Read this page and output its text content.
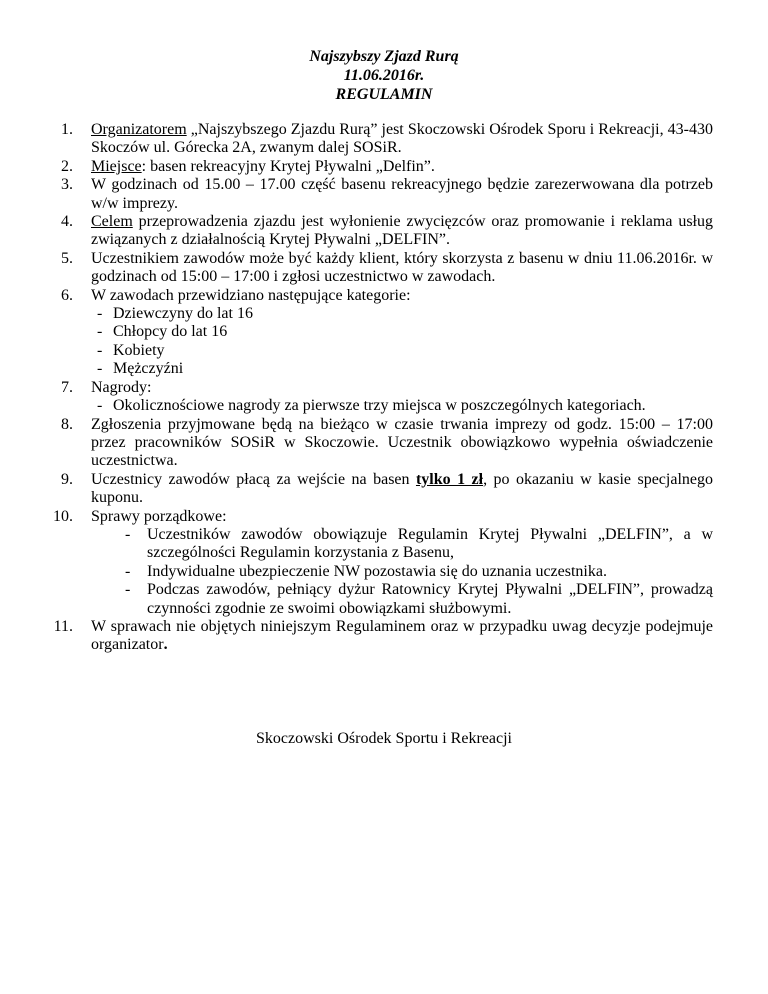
Najszybszy Zjazd Rurą
11.06.2016r.
REGULAMIN
1. Organizatorem „Najszybszego Zjazdu Rurą” jest Skoczowski Ośrodek Sporu i Rekreacji, 43-430 Skoczów ul. Górecka 2A, zwanym dalej SOSiR.
2. Miejsce: basen rekreacyjny Krytej Pływalni „Delfin”.
3. W godzinach od 15.00 – 17.00 część basenu rekreacyjnego będzie zarezerwowana dla potrzeb w/w imprezy.
4. Celem przeprowadzenia zjazdu jest wyłonienie zwycięzców oraz promowanie i reklama usług związanych z działalnością Krytej Pływalni „DELFIN”.
5. Uczestnikiem zawodów może być każdy klient, który skorzysta z basenu w dniu 11.06.2016r. w godzinach od 15:00 – 17:00 i zgłosi uczestnictwo w zawodach.
6. W zawodach przewidziano następujące kategorie:
- Dziewczyny do lat 16
- Chłopcy do lat 16
- Kobiety
- Mężczyźni
7. Nagrody:
- Okolicznościowe nagrody za pierwsze trzy miejsca w poszczególnych kategoriach.
8. Zgłoszenia przyjmowane będą na bieżąco w czasie trwania imprezy od godz. 15:00 – 17:00 przez pracowników SOSiR w Skoczowie. Uczestnik obowiązkowo wypełnia oświadczenie uczestnictwa.
9. Uczestnicy zawodów płacą za wejście na basen tylko 1 zł, po okazaniu w kasie specjalnego kuponu.
10. Sprawy porządkowe:
- Uczestników zawodów obowiązuje Regulamin Krytej Pływalni „DELFIN”, a w szczególności Regulamin korzystania z Basenu,
- Indywidualne ubezpieczenie NW pozostawia się do uznania uczestnika.
- Podczas zawodów, pełniący dyżur Ratownicy Krytej Pływalni „DELFIN”, prowadzą czynności zgodnie ze swoimi obowiązkami służbowymi.
11. W sprawach nie objętych niniejszym Regulaminem oraz w przypadku uwag decyzje podejmuje organizator.
Skoczowski Ośrodek Sportu i Rekreacji
